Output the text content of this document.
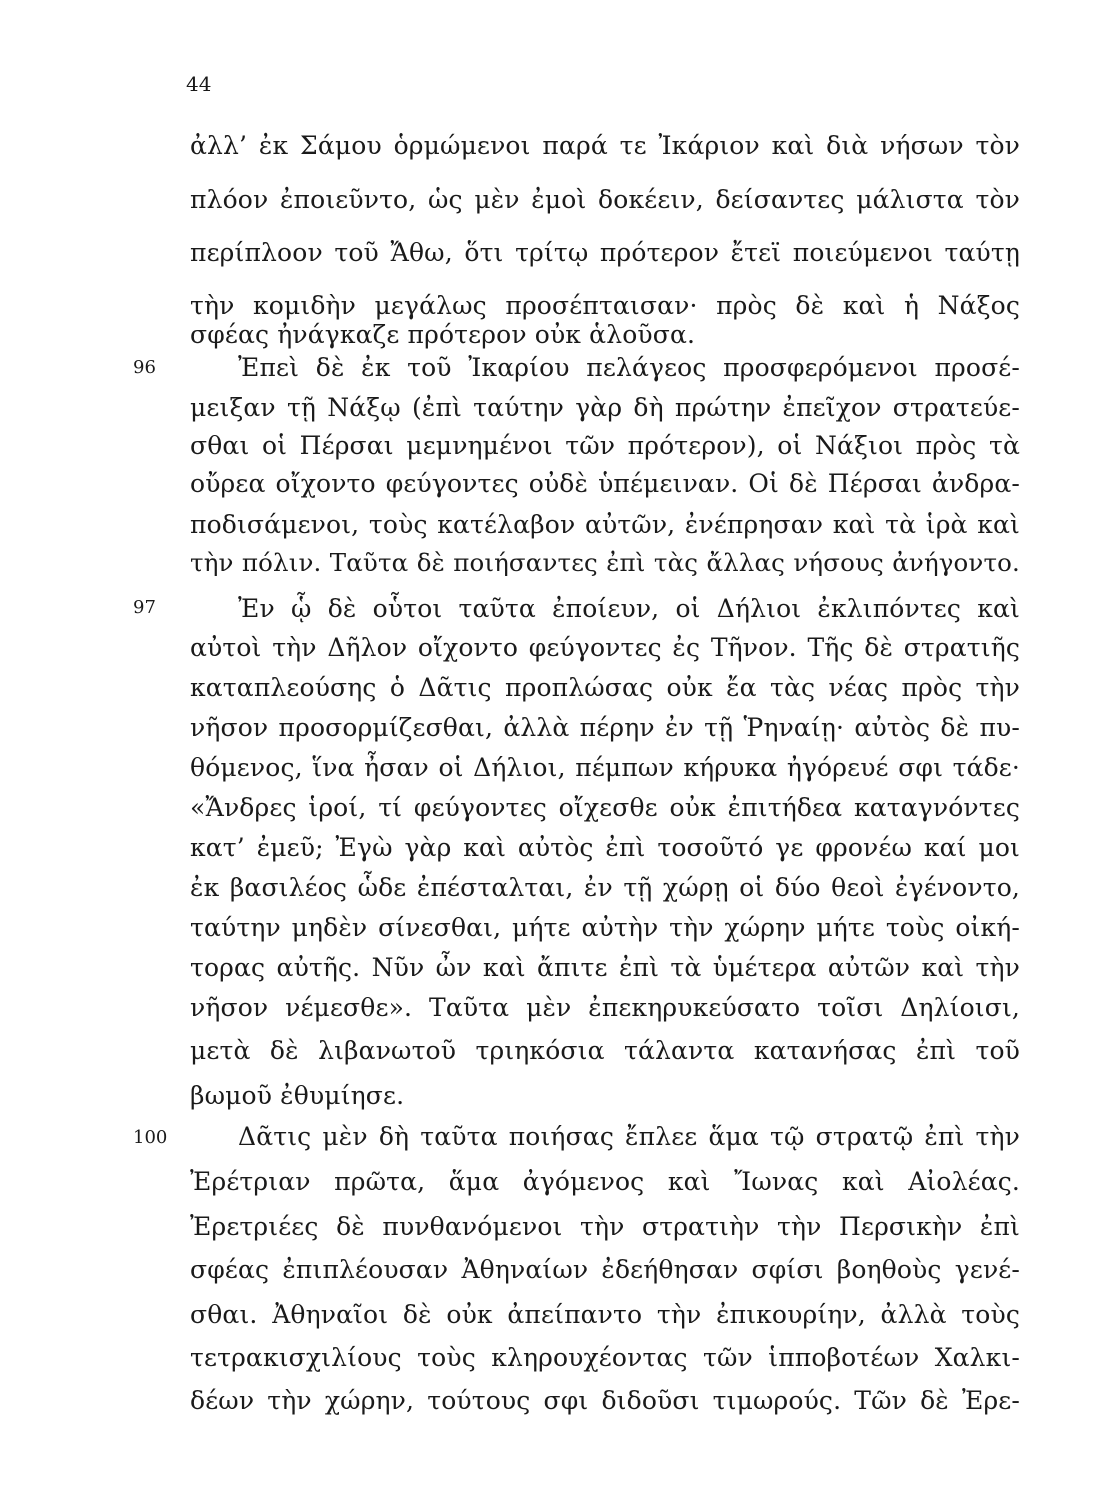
44
96
97
100
ἀλλ’ ἐκ Σάμου ὁρμώμενοι παρά τε Ἰκάριον καὶ διὰ νήσων τὸν
πλόον ἐποιεῦντο, ὡς μὲν ἐμοὶ δοκέειν, δείσαντες μάλιστα τὸν
περίπλοον τοῦ Ἄθω, ὅτι τρίτῳ πρότερον ἔτεϊ ποιεύμενοι ταύτῃ
τὴν κομιδὴν μεγάλως προσέπταισαν· πρὸς δὲ καὶ ἡ Νάξος
σφέας ἠνάγκαζε πρότερον οὐκ ἁλοῦσα.
Ἐπεὶ δὲ ἐκ τοῦ Ἰκαρίου πελάγεος προσφερόμενοι προσέ-
μειξαν τῇ Νάξῳ (ἐπὶ ταύτην γὰρ δὴ πρώτην ἐπεῖχον στρατεύε-
σθαι οἱ Πέρσαι μεμνημένοι τῶν πρότερον), οἱ Νάξιοι πρὸς τὰ
οὔρεα οἴχοντο φεύγοντες οὐδὲ ὑπέμειναν. Οἱ δὲ Πέρσαι ἀνδρα-
ποδισάμενοι, τοὺς κατέλαβον αὐτῶν, ἐνέπρησαν καὶ τὰ ἱρὰ καὶ
τὴν πόλιν. Ταῦτα δὲ ποιήσαντες ἐπὶ τὰς ἄλλας νήσους ἀνήγοντο.
Ἐν ᾧ δὲ οὗτοι ταῦτα ἐποίευν, οἱ Δήλιοι ἐκλιπόντες καὶ
αὐτοὶ τὴν Δῆλον οἴχοντο φεύγοντες ἐς Τῆνον. Τῆς δὲ στρατιῆς
καταπλεούσης ὁ Δᾶτις προπλώσας οὐκ ἔα τὰς νέας πρὸς τὴν
νῆσον προσορμίζεσθαι, ἀλλὰ πέρην ἐν τῇ Ῥηναίῃ· αὐτὸς δὲ πυ-
θόμενος, ἵνα ἦσαν οἱ Δήλιοι, πέμπων κήρυκα ἠγόρευέ σφι τάδε·
«Ἄνδρες ἱροί, τί φεύγοντες οἴχεσθε οὐκ ἐπιτήδεα καταγνόντες
κατ’ ἐμεῦ; Ἐγὼ γὰρ καὶ αὐτὸς ἐπὶ τοσοῦτό γε φρονέω καί μοι
ἐκ βασιλέος ὧδε ἐπέσταλται, ἐν τῇ χώρῃ οἱ δύο θεοὶ ἐγένοντο,
ταύτην μηδὲν σίνεσθαι, μήτε αὐτὴν τὴν χώρην μήτε τοὺς οἰκή-
τορας αὐτῆς. Νῦν ὦν καὶ ἄπιτε ἐπὶ τὰ ὑμέτερα αὐτῶν καὶ τὴν
νῆσον νέμεσθε». Ταῦτα μὲν ἐπεκηρυκεύσατο τοῖσι Δηλίοισι,
μετὰ δὲ λιβανωτοῦ τριηκόσια τάλαντα κατανήσας ἐπὶ τοῦ
βωμοῦ ἐθυμίησε.
Δᾶτις μὲν δὴ ταῦτα ποιήσας ἔπλεε ἅμα τῷ στρατῷ ἐπὶ τὴν
Ἐρέτριαν πρῶτα, ἅμα ἀγόμενος καὶ Ἴωνας καὶ Αἰολέας.
Ἐρετριέες δὲ πυνθανόμενοι τὴν στρατιὴν τὴν Περσικὴν ἐπὶ
σφέας ἐπιπλέουσαν Ἀθηναίων ἐδεήθησαν σφίσι βοηθοὺς γενέ-
σθαι. Ἀθηναῖοι δὲ οὐκ ἀπείπαντο τὴν ἐπικουρίην, ἀλλὰ τοὺς
τετρακισχιλίους τοὺς κληρουχέοντας τῶν ἱπποβοτέων Χαλκι-
δέων τὴν χώρην, τούτους σφι διδοῦσι τιμωρούς. Τῶν δὲ Ἐρε-
